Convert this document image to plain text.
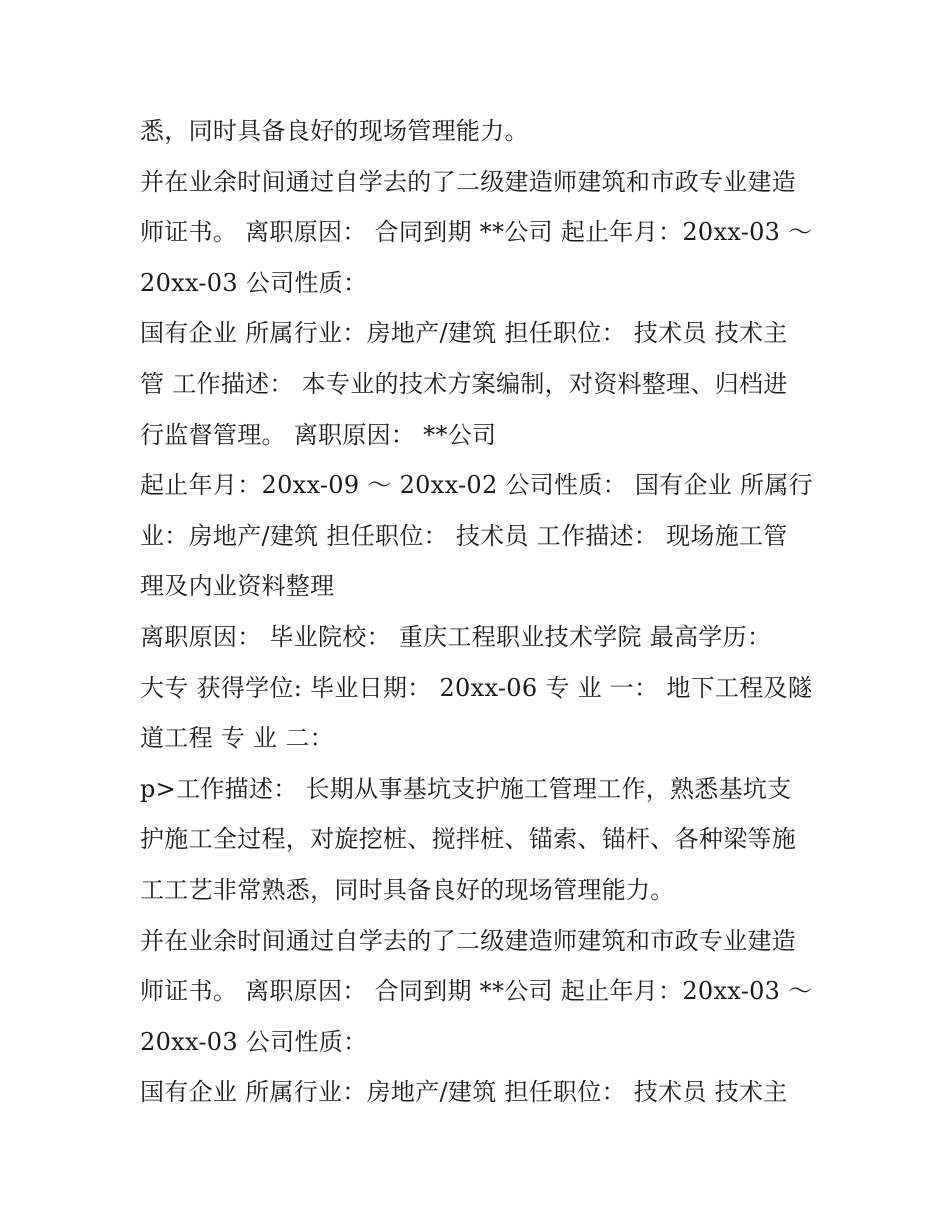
悉，同时具备良好的现场管理能力。
并在业余时间通过自学去的了二级建造师建筑和市政专业建造
师证书。 离职原因： 合同到期 **公司 起止年月：20xx-03 ～
20xx-03 公司性质：
国有企业 所属行业：房地产/建筑 担任职位： 技术员 技术主
管 工作描述： 本专业的技术方案编制，对资料整理、归档进
行监督管理。 离职原因： **公司
起止年月：20xx-09 ～ 20xx-02 公司性质： 国有企业 所属行
业：房地产/建筑 担任职位： 技术员 工作描述： 现场施工管
理及内业资料整理
离职原因： 毕业院校： 重庆工程职业技术学院 最高学历：
大专 获得学位: 毕业日期： 20xx-06 专 业 一： 地下工程及隧
道工程 专 业 二：
p>工作描述： 长期从事基坑支护施工管理工作，熟悉基坑支
护施工全过程，对旋挖桩、搅拌桩、锚索、锚杆、各种梁等施
工工艺非常熟悉，同时具备良好的现场管理能力。
并在业余时间通过自学去的了二级建造师建筑和市政专业建造
师证书。 离职原因： 合同到期 **公司 起止年月：20xx-03 ～
20xx-03 公司性质：
国有企业 所属行业：房地产/建筑 担任职位： 技术员 技术主
